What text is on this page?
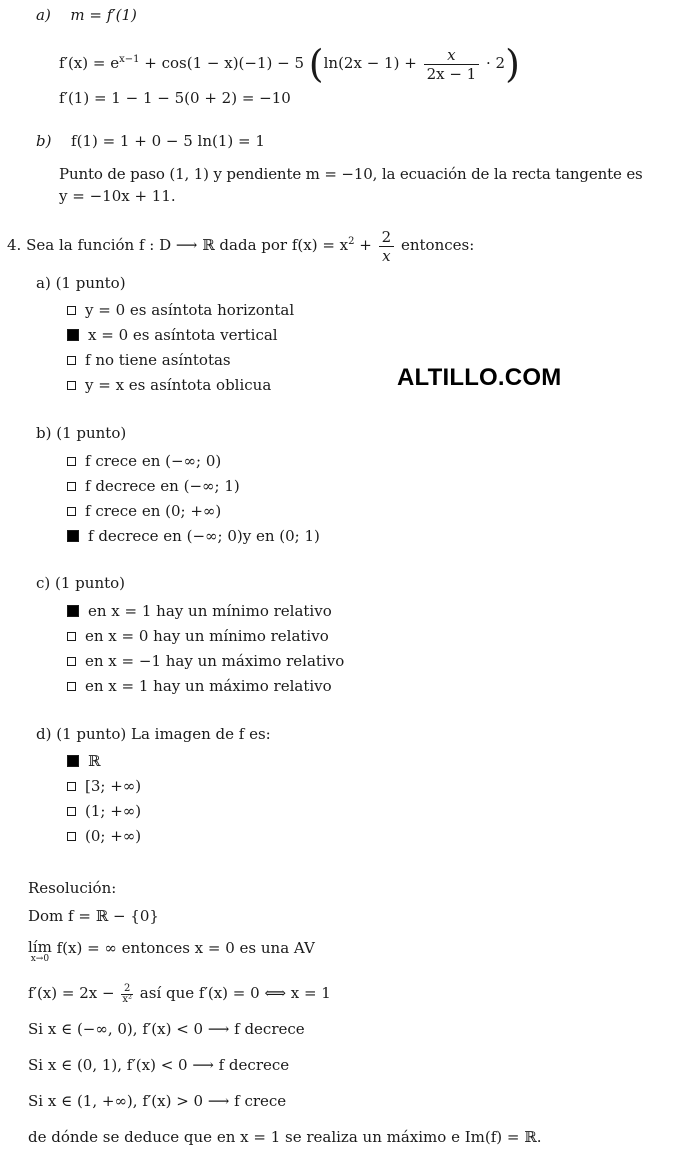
a) m = f′(1)
$f'(x) = e^{x-1} + \cos(1 - x)(-1) - 5$ $(\ln(2x - 1) + \frac{x}{2x - 1} \cdot 2)$
f′(1) = 1 − 1 − 5(0 + 2) = −10
b) f(1) = 1 + 0 − 5 ln(1) = 1
Punto de paso (1, 1) y pendiente m = −10, la ecuación de la recta tangente es
y = −10x + 11.
4. Sea la función f : D ⟶ ℝ dada por $f(x) = x^2 + \frac{2}{x}$ entonces:
a) (1 punto)
y = 0 es asíntota horizontal
x = 0 es asíntota vertical
f no tiene asíntotas
y = x es asíntota oblicua	ALTILLO.COM
b) (1 punto)
f crece en (−∞; 0)
f decrece en (−∞; 1)
f crece en (0; +∞)
f decrece en (−∞; 0)y en (0; 1)
c) (1 punto)
en x = 1 hay un mínimo relativo
en x = 0 hay un mínimo relativo
en x = −1 hay un máximo relativo
en x = 1 hay un máximo relativo
d) (1 punto) La imagen de f es:
ℝ
[3; +∞)
(1; +∞)
(0; +∞)
Resolución:
Dom f = ℝ − {0}
lím
x→0
f(x) = ∞ entonces x = 0 es una AV
$f'(x) = 2x - \frac{2}{\text{x²}}$ así que f′(x) = 0 ⟺ x = 1
Si x ∈ (−∞, 0), f′(x) < 0 ⟶ f decrece
Si x ∈ (0, 1), f′(x) < 0 ⟶ f decrece
Si x ∈ (1, +∞), f′(x) > 0 ⟶ f crece
de dónde se deduce que en x = 1 se realiza un máximo e Im(f) = ℝ.
